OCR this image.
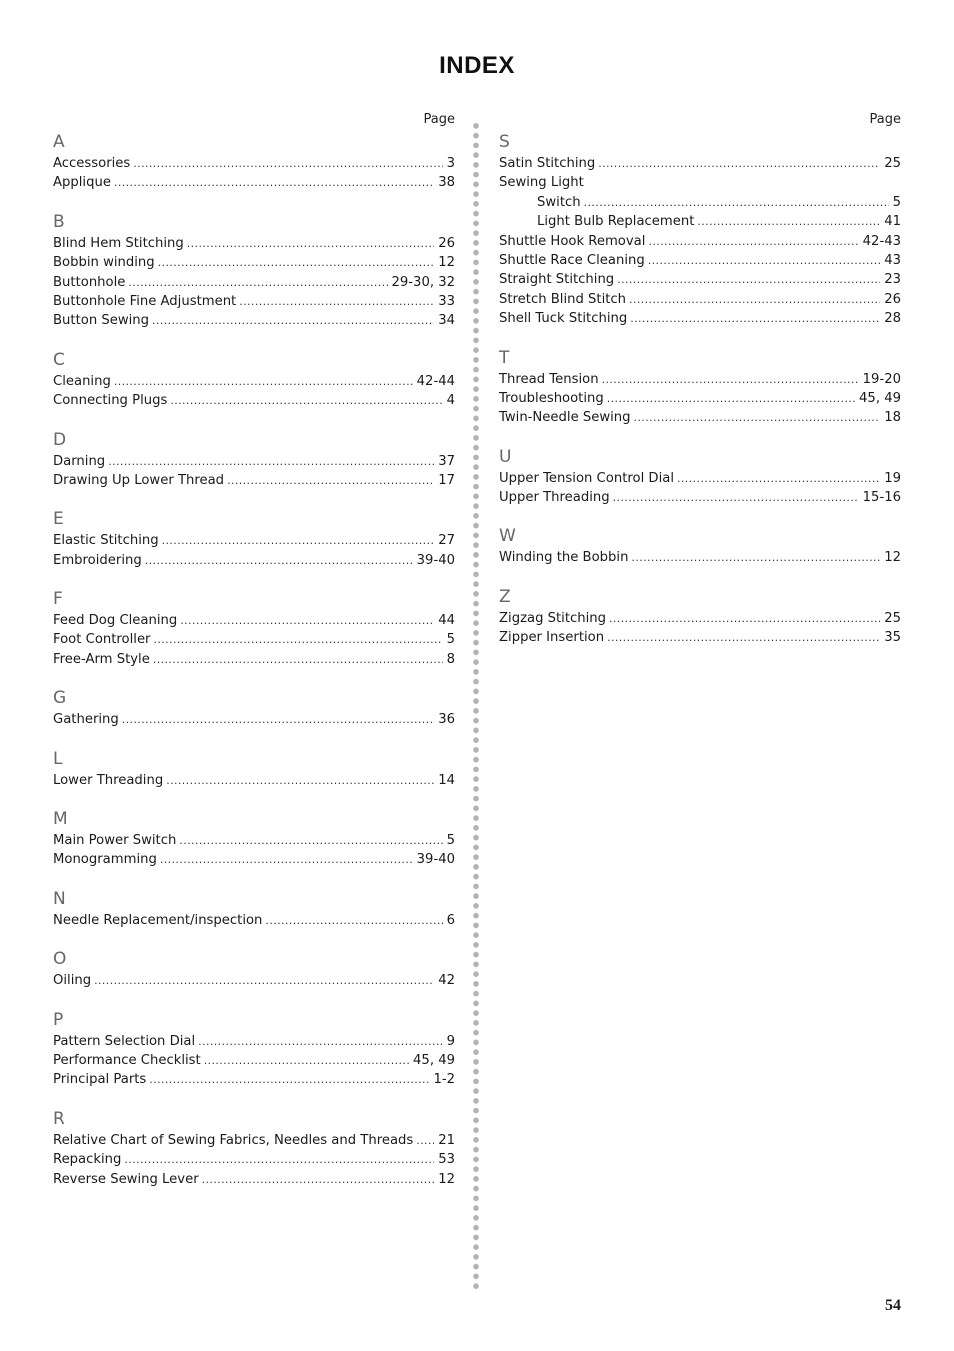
INDEX
Page
A
Accessories .....	3
Applique .....	38
B
Blind Hem Stitching .....	26
Bobbin winding .....	12
Buttonhole .....	29-30, 32
Buttonhole Fine Adjustment .....	33
Button Sewing .....	34
C
Cleaning .....	42-44
Connecting Plugs .....	4
D
Darning .....	37
Drawing Up Lower Thread .....	17
E
Elastic Stitching .....	27
Embroidering .....	39-40
F
Feed Dog Cleaning .....	44
Foot Controller .....	5
Free-Arm Style .....	8
G
Gathering .....	36
L
Lower Threading .....	14
M
Main Power Switch .....	5
Monogramming .....	39-40
N
Needle Replacement/inspection .....	6
O
Oiling .....	42
P
Pattern Selection Dial .....	9
Performance Checklist .....	45, 49
Principal Parts .....	1-2
R
Relative Chart of Sewing Fabrics, Needles and Threads ..... 21
Repacking .....	53
Reverse Sewing Lever .....	12
Page
S
Satin Stitching .....	25
Sewing Light
Switch .....	5
Light Bulb Replacement .....	41
Shuttle Hook Removal .....	42-43
Shuttle Race Cleaning .....	43
Straight Stitching .....	23
Stretch Blind Stitch .....	26
Shell Tuck Stitching .....	28
T
Thread Tension .....	19-20
Troubleshooting .....	45, 49
Twin-Needle Sewing .....	18
U
Upper Tension Control Dial .....	19
Upper Threading .....	15-16
W
Winding the Bobbin .....	12
Z
Zigzag Stitching .....	25
Zipper Insertion .....	35
54
